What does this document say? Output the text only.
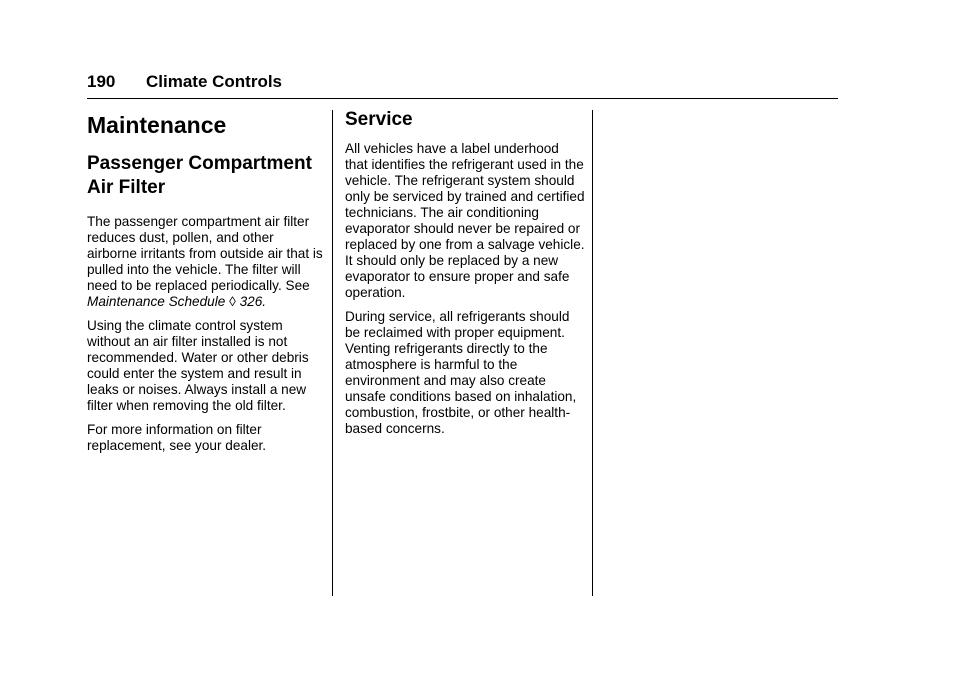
190 Climate Controls
Maintenance
Passenger Compartment Air Filter

The passenger compartment air filter reduces dust, pollen, and other airborne irritants from outside air that is pulled into the vehicle. The filter will need to be replaced periodically. See Maintenance Schedule ◊ 326.

Using the climate control system without an air filter installed is not recommended. Water or other debris could enter the system and result in leaks or noises. Always install a new filter when removing the old filter.

For more information on filter replacement, see your dealer.

Service

All vehicles have a label underhood that identifies the refrigerant used in the vehicle. The refrigerant system should only be serviced by trained and certified technicians. The air conditioning evaporator should never be repaired or replaced by one from a salvage vehicle.

It should only be replaced by a new evaporator to ensure proper and safe operation.

During service, all refrigerants should be reclaimed with proper equipment. Venting refrigerants directly to the atmosphere is harmful to the environment and may also create unsafe conditions based on inhalation, combustion, frostbite, or other health-based concerns.
